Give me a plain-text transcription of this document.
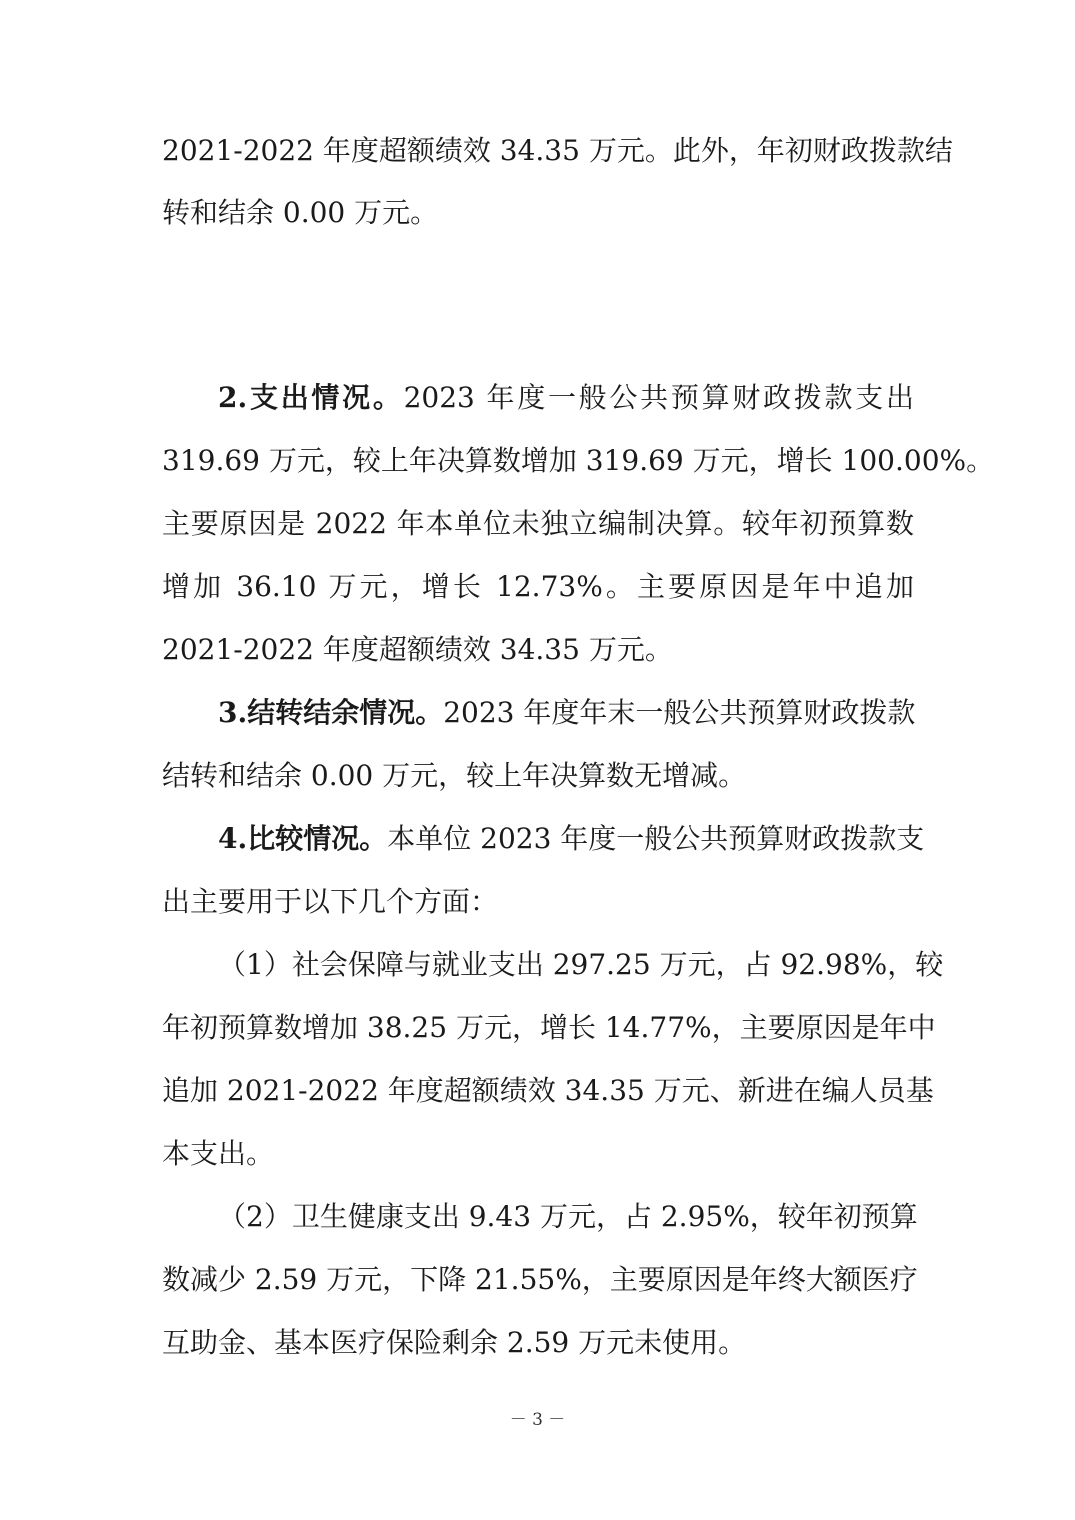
2021-2022 年度超额绩效 34.35 万元。此外，年初财政拨款结
转和结余 0.00 万元。
2.支出情况。2023 年度一般公共预算财政拨款支出
319.69 万元，较上年决算数增加 319.69 万元，增长 100.00%。
主要原因是 2022 年本单位未独立编制决算。较年初预算数
增加 36.10 万元，增长 12.73%。主要原因是年中追加
2021-2022 年度超额绩效 34.35 万元。
3.结转结余情况。2023 年度年末一般公共预算财政拨款
结转和结余 0.00 万元，较上年决算数无增减。
4.比较情况。本单位 2023 年度一般公共预算财政拨款支
出主要用于以下几个方面：
（1）社会保障与就业支出 297.25 万元，占 92.98%，较
年初预算数增加 38.25 万元，增长 14.77%，主要原因是年中
追加 2021-2022 年度超额绩效 34.35 万元、新进在编人员基
本支出。
（2）卫生健康支出 9.43 万元，占 2.95%，较年初预算
数减少 2.59 万元，下降 21.55%，主要原因是年终大额医疗
互助金、基本医疗保险剩余 2.59 万元未使用。
－ 3 －
